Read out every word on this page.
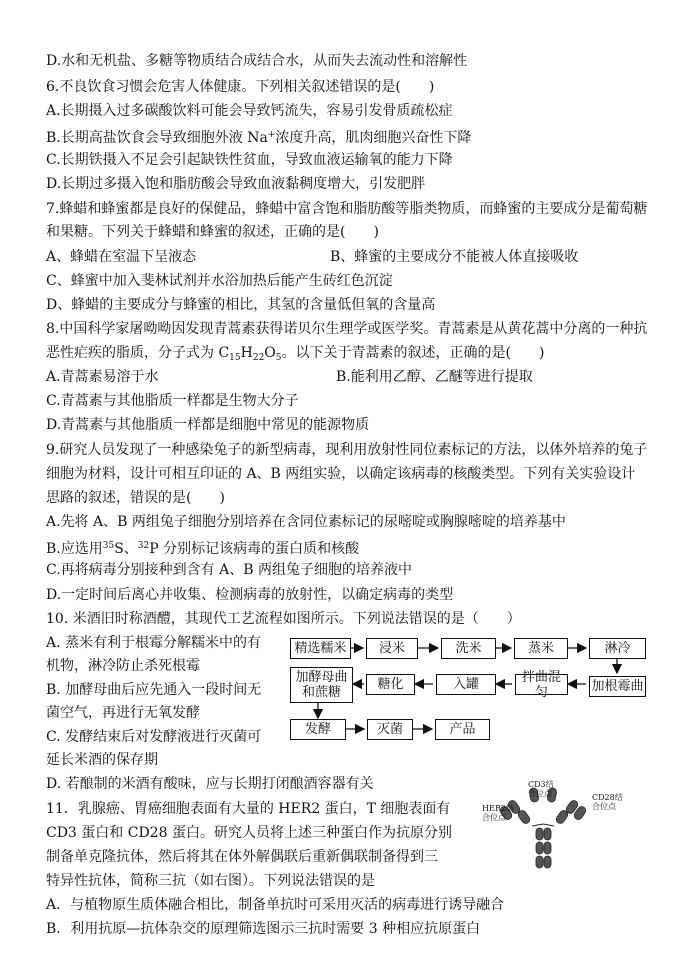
D.水和无机盐、多糖等物质结合成结合水，从而失去流动性和溶解性
6.不良饮食习惯会危害人体健康。下列相关叙述错误的是(　　)
A.长期摄入过多碳酸饮料可能会导致钙流失，容易引发骨质疏松症
B.长期高盐饮食会导致细胞外液 Na+浓度升高，肌肉细胞兴奋性下降
C.长期铁摄入不足会引起缺铁性贫血，导致血液运输氧的能力下降
D.长期过多摄入饱和脂肪酸会导致血液黏稠度增大，引发肥胖
7.蜂蜡和蜂蜜都是良好的保健品，蜂蜡中富含饱和脂肪酸等脂类物质，而蜂蜜的主要成分是葡萄糖
和果糖。下列关于蜂蜡和蜂蜜的叙述，正确的是(　　)
A、蜂蜡在室温下呈液态	B、蜂蜜的主要成分不能被人体直接吸收
C、蜂蜜中加入斐林试剂并水浴加热后能产生砖红色沉淀
D、蜂蜡的主要成分与蜂蜜的相比，其氢的含量低但氧的含量高
8.中国科学家屠呦呦因发现青蒿素获得诺贝尔生理学或医学奖。青蒿素是从黄花蒿中分离的一种抗
恶性疟疾的脂质，分子式为 $C_{15}H_{22}O_5$。以下关于青蒿素的叙述，正确的是(　　)
A.青蒿素易溶于水	B.能利用乙醇、乙醚等进行提取
C.青蒿素与其他脂质一样都是生物大分子
D.青蒿素与其他脂质一样都是细胞中常见的能源物质
9.研究人员发现了一种感染兔子的新型病毒，现利用放射性同位素标记的方法，以体外培养的兔子
细胞为材料，设计可相互印证的 A、B 两组实验，以确定该病毒的核酸类型。下列有关实验设计
思路的叙述，错误的是(　　)
A.先将 A、B 两组兔子细胞分别培养在含同位素标记的尿嘧啶或胸腺嘧啶的培养基中
B.应选用$^{35}$S、$^{32}$P 分别标记该病毒的蛋白质和核酸
C.再将病毒分别接种到含有 A、B 两组兔子细胞的培养液中
D.一定时间后离心并收集、检测病毒的放射性，以确定病毒的类型
10. 米酒旧时称酒醴，其现代工艺流程如图所示。下列说法错误的是（　　）
A. 蒸米有利于根霉分解糯米中的有
机物，淋冷防止杀死根霉
B. 加酵母曲后应先通入一段时间无
菌空气，再进行无氧发酵
C. 发酵结束后对发酵液进行灭菌可
延长米酒的保存期
D. 若酿制的米酒有酸味，应与长期打闭酿酒容器有关
11．乳腺癌、胃癌细胞表面有大量的 HER2 蛋白，T 细胞表面有
CD3 蛋白和 CD28 蛋白。研究人员将上述三种蛋白作为抗原分别
制备单克隆抗体，然后将其在体外解偶联后重新偶联制备得到三
特异性抗体，简称三抗（如右图）。下列说法错误的是
A．与植物原生质体融合相比，制备单抗时可采用灭活的病毒进行诱导融合
B．利用抗原—抗体杂交的原理筛选图示三抗时需要 3 种相应抗原蛋白
精选糯米	浸米	洗米	蒸米	淋冷
加酵母曲
和蔗糖
糖化	入罐	拌曲混匀	加根霉曲
发酵	灭菌	产品
CD3结
合位点	CD28结
合位点
HER2结
合位点
